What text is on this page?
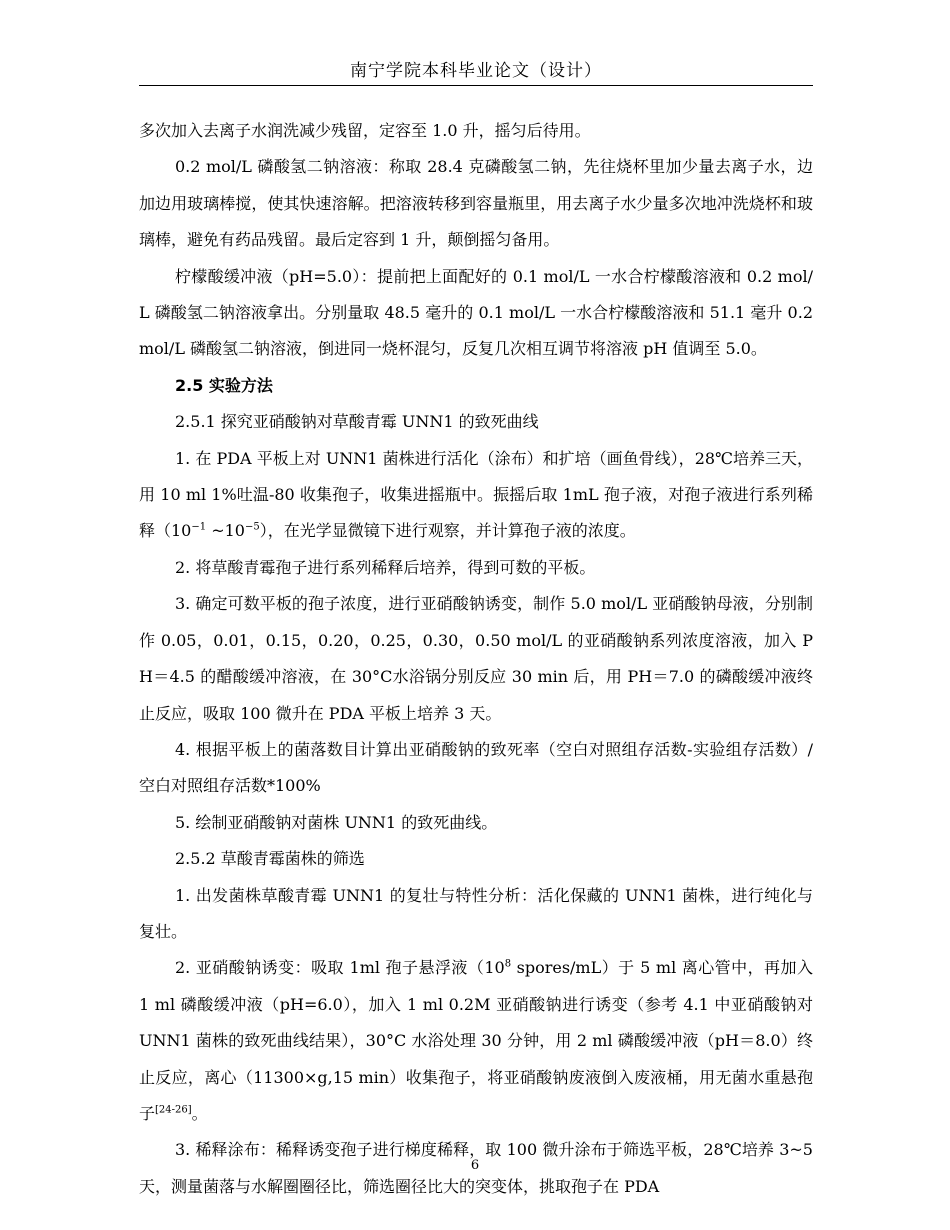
南宁学院本科毕业论文（设计）

多次加入去离子水润洗减少残留，定容至 1.0 升，摇匀后待用。

0.2 mol/L 磷酸氢二钠溶液：称取 28.4 克磷酸氢二钠，先往烧杯里加少量去离子水，边加边用玻璃棒搅，使其快速溶解。把溶液转移到容量瓶里，用去离子水少量多次地冲洗烧杯和玻璃棒，避免有药品残留。最后定容到 1 升，颠倒摇匀备用。

柠檬酸缓冲液（pH=5.0）：提前把上面配好的 0.1 mol/L 一水合柠檬酸溶液和 0.2 mol/L 磷酸氢二钠溶液拿出。分别量取 48.5 毫升的 0.1 mol/L 一水合柠檬酸溶液和 51.1 毫升 0.2 mol/L 磷酸氢二钠溶液，倒进同一烧杯混匀，反复几次相互调节将溶液 pH 值调至 5.0。

2.5 实验方法

2.5.1 探究亚硝酸钠对草酸青霉 UNN1 的致死曲线

1. 在 PDA 平板上对 UNN1 菌株进行活化（涂布）和扩培（画鱼骨线），28℃培养三天，用 10 ml 1%吐温-80 收集孢子，收集进摇瓶中。振摇后取 1mL 孢子液，对孢子液进行系列稀释（$10^{-1}$ $\sim 10^{-5}$），在光学显微镜下进行观察，并计算孢子液的浓度。

2. 将草酸青霉孢子进行系列稀释后培养，得到可数的平板。

3. 确定可数平板的孢子浓度，进行亚硝酸钠诱变，制作 5.0 mol/L 亚硝酸钠母液，分别制作 0.05，0.01，0.15，0.20，0.25，0.30，0.50 mol/L 的亚硝酸钠系列浓度溶液，加入 PH＝4.5 的醋酸缓冲溶液，在 30°C水浴锅分别反应 30 min 后，用 PH＝7.0 的磷酸缓冲液终止反应，吸取 100 微升在 PDA 平板上培养 3 天。

4. 根据平板上的菌落数目计算出亚硝酸钠的致死率（空白对照组存活数-实验组存活数）/空白对照组存活数*100%

5. 绘制亚硝酸钠对菌株 UNN1 的致死曲线。

2.5.2 草酸青霉菌株的筛选

1. 出发菌株草酸青霉 UNN1 的复壮与特性分析：活化保藏的 UNN1 菌株，进行纯化与复壮。

2. 亚硝酸钠诱变：吸取 1ml 孢子悬浮液（$10^8$ spores/mL）于 5 ml 离心管中，再加入 1 ml 磷酸缓冲液（pH=6.0），加入 1 ml 0.2M 亚硝酸钠进行诱变（参考 4.1 中亚硝酸钠对 UNN1 菌株的致死曲线结果），30°C 水浴处理 30 分钟，用 2 ml 磷酸缓冲液（pH＝8.0）终止反应，离心（11300×g,15 min）收集孢子，将亚硝酸钠废液倒入废液桶，用无菌水重悬孢子[24-26]。

3. 稀释涂布：稀释诱变孢子进行梯度稀释，取 100 微升涂布于筛选平板，28℃培养 3~5 天，测量菌落与水解圈圈径比，筛选圈径比大的突变体，挑取孢子在 PDA

6
